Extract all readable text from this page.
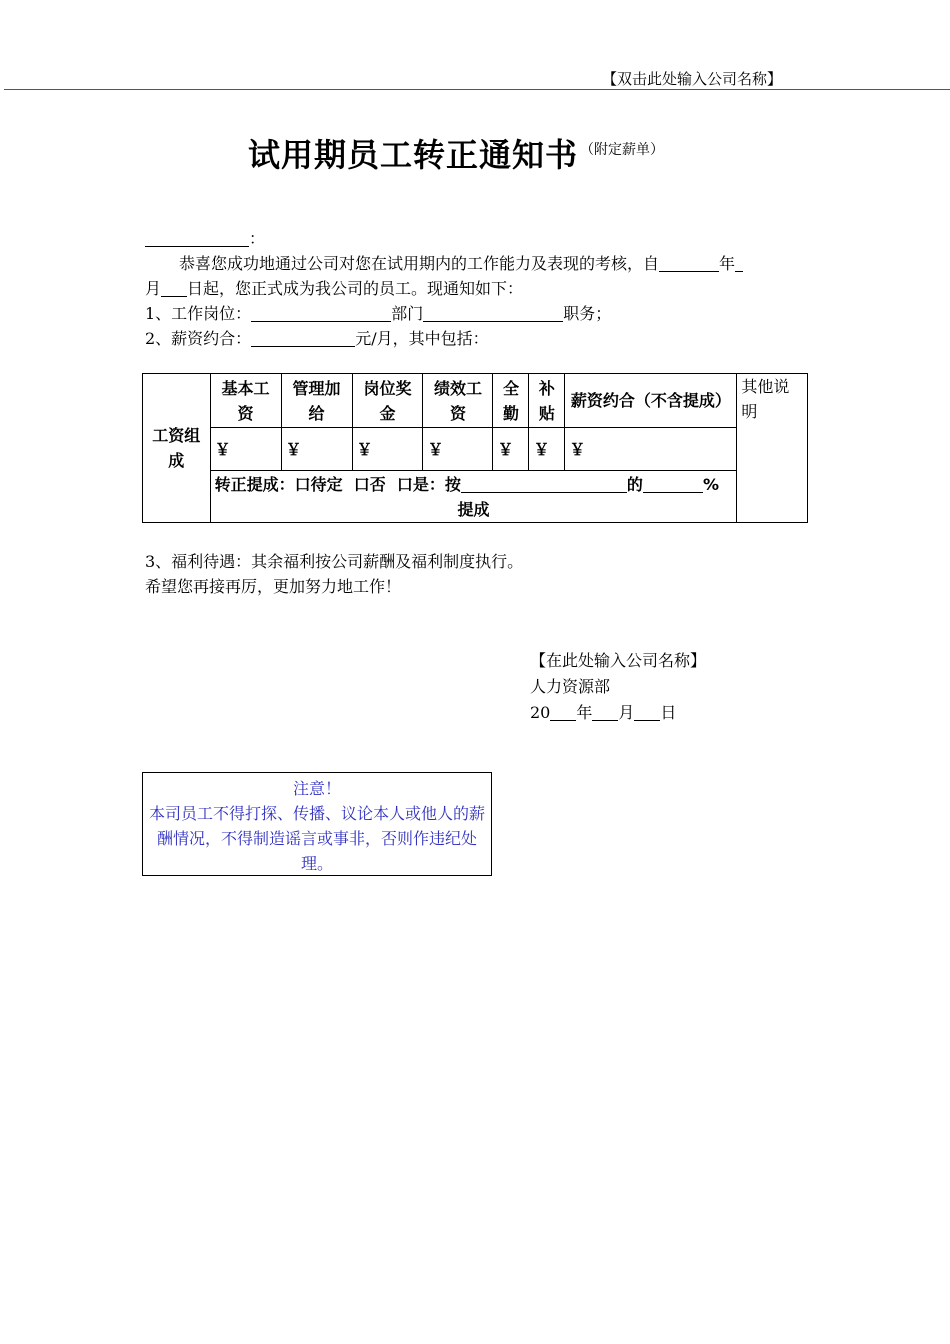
【双击此处输入公司名称】
试用期员工转正通知书 （附定薪单）
：
恭喜您成功地通过公司对您在试用期内的工作能力及表现的考核，自	年
月 日起，您正式成为我公司的员工。现通知如下：
1、工作岗位：	部门	职务；
2、薪资约合：	元/月，其中包括：
工资组成	基本工资	管理加给	岗位奖金	绩效工资	全勤	补贴	薪资约合（不含提成）	其他说明
	￥	￥	￥	￥	￥	￥	￥	

	转正提成：口待定 口否 口是：按 的 %
提成							
3、福利待遇：其余福利按公司薪酬及福利制度执行。
希望您再接再厉，更加努力地工作！
【在此处输入公司名称】
人力资源部
20 年 月 日
注意！
本司员工不得打探、传播、议论本人或他人的薪酬情况，不得制造谣言或事非，否则作违纪处理。
